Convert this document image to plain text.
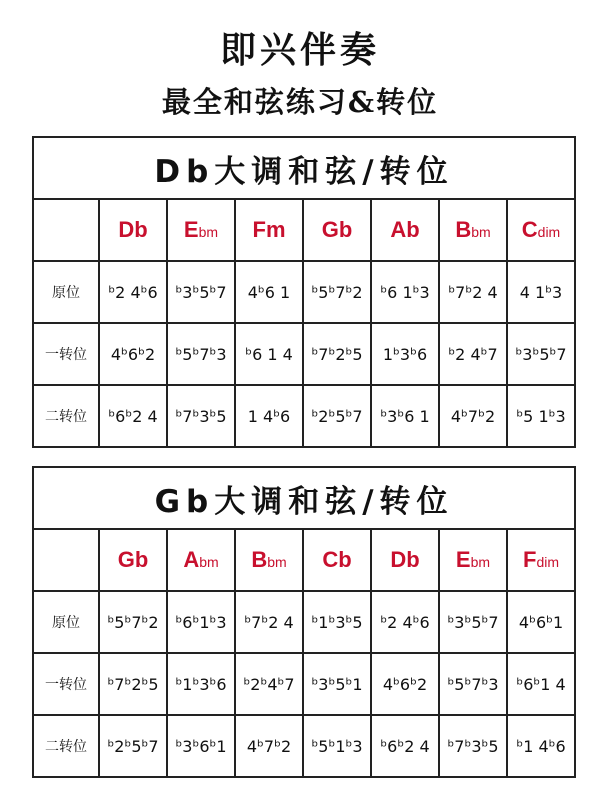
即兴伴奏
最全和弦练习&转位
Db大调和弦/转位							
	Db	Ebm	Fm	Gb	Ab	Bbm	Cdim
原位	ᵇ2 4ᵇ6	ᵇ3ᵇ5ᵇ7	4ᵇ6 1	ᵇ5ᵇ7ᵇ2	ᵇ6 1ᵇ3	ᵇ7ᵇ2 4	4 1ᵇ3
一转位	4ᵇ6ᵇ2	ᵇ5ᵇ7ᵇ3	ᵇ6 1 4	ᵇ7ᵇ2ᵇ5	1ᵇ3ᵇ6	ᵇ2 4ᵇ7	ᵇ3ᵇ5ᵇ7
二转位	ᵇ6ᵇ2 4	ᵇ7ᵇ3ᵇ5	1 4ᵇ6	ᵇ2ᵇ5ᵇ7	ᵇ3ᵇ6 1	4ᵇ7ᵇ2	ᵇ5 1ᵇ3
Gb大调和弦/转位							
	Gb	Abm	Bbm	Cb	Db	Ebm	Fdim
原位	ᵇ5ᵇ7ᵇ2	ᵇ6ᵇ1ᵇ3	ᵇ7ᵇ2 4	ᵇ1ᵇ3ᵇ5	ᵇ2 4ᵇ6	ᵇ3ᵇ5ᵇ7	4ᵇ6ᵇ1
一转位	ᵇ7ᵇ2ᵇ5	ᵇ1ᵇ3ᵇ6	ᵇ2ᵇ4ᵇ7	ᵇ3ᵇ5ᵇ1	4ᵇ6ᵇ2	ᵇ5ᵇ7ᵇ3	ᵇ6ᵇ1 4
二转位	ᵇ2ᵇ5ᵇ7	ᵇ3ᵇ6ᵇ1	4ᵇ7ᵇ2	ᵇ5ᵇ1ᵇ3	ᵇ6ᵇ2 4	ᵇ7ᵇ3ᵇ5	ᵇ1 4ᵇ6
